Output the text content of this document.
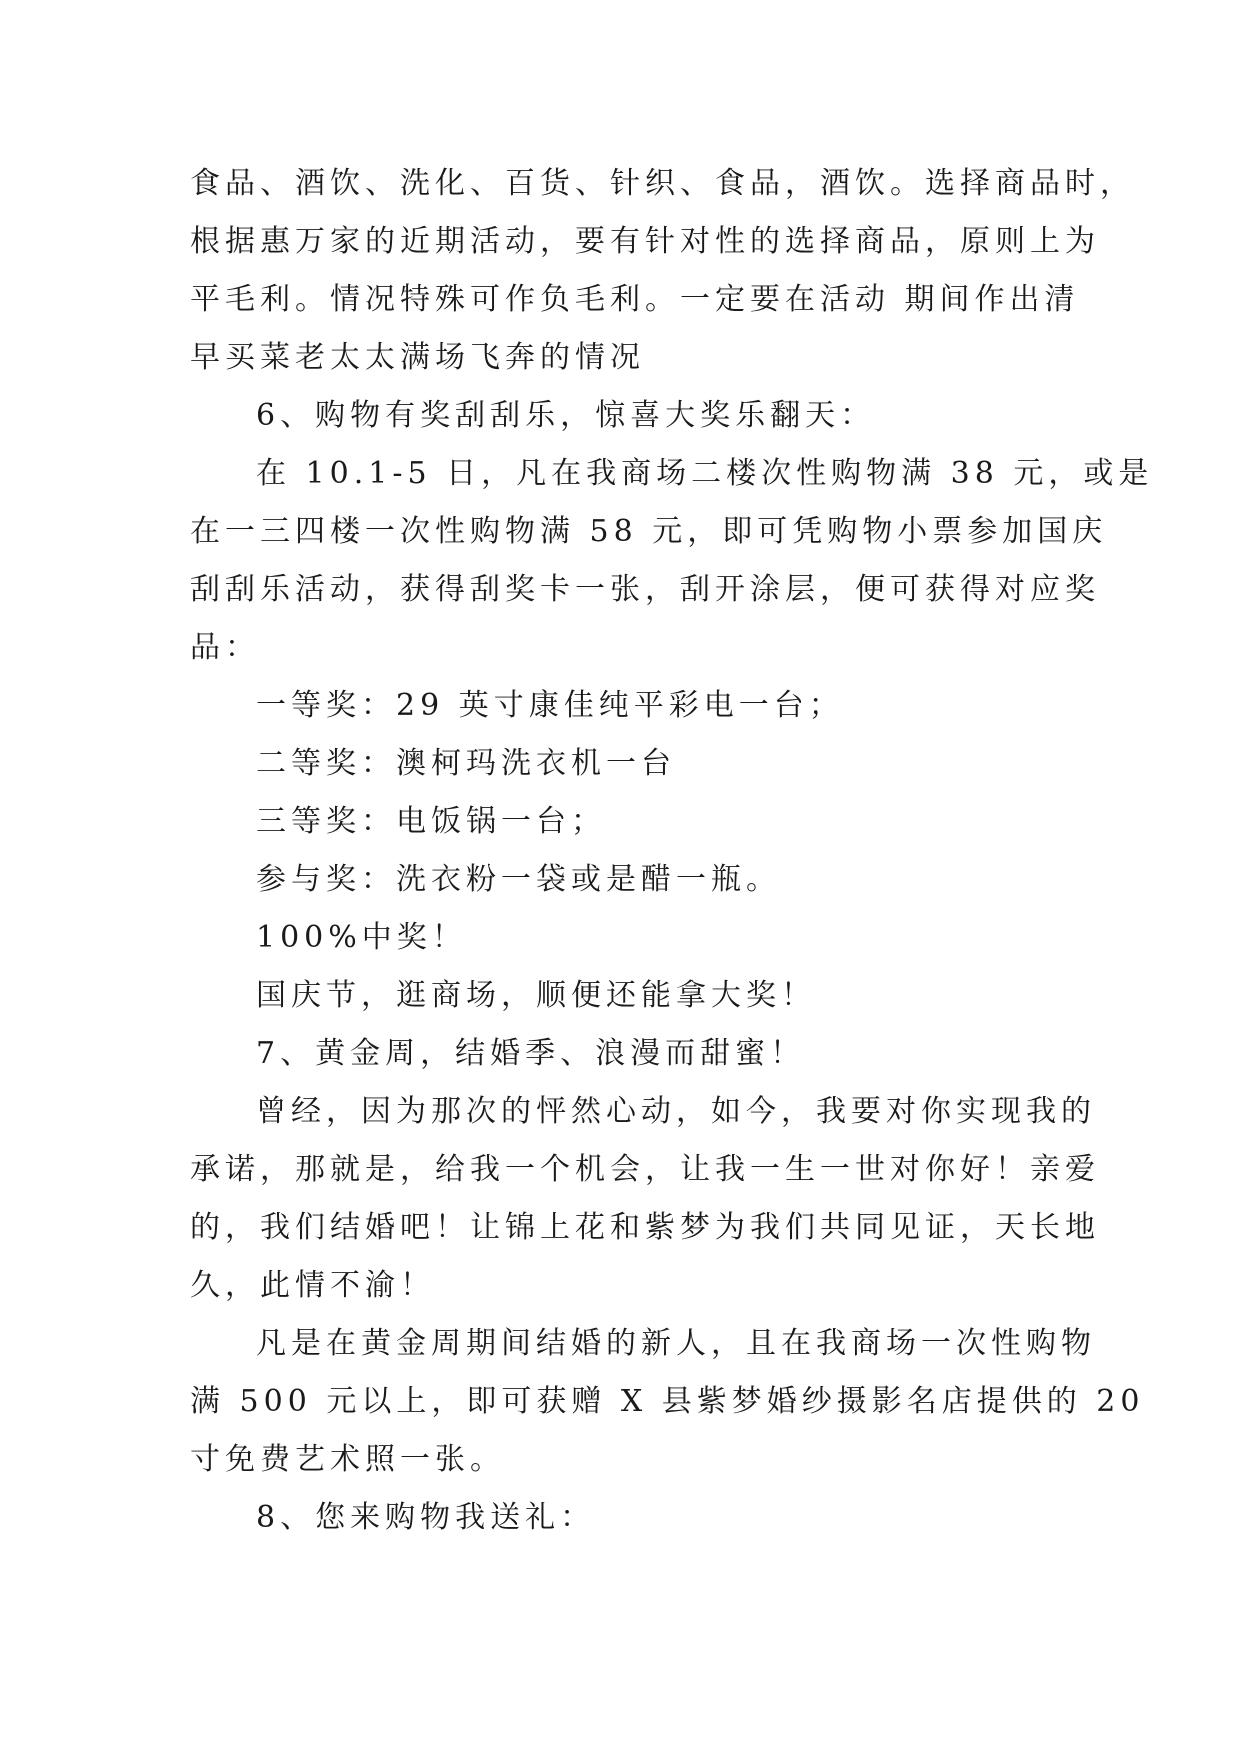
食品、酒饮、洗化、百货、针织、食品，酒饮。选择商品时，

根据惠万家的近期活动，要有针对性的选择商品，原则上为

平毛利。情况特殊可作负毛利。一定要在活动 期间作出清

早买菜老太太满场飞奔的情况

6、购物有奖刮刮乐，惊喜大奖乐翻天：

在 10.1-5 日，凡在我商场二楼次性购物满 38 元，或是

在一三四楼一次性购物满 58 元，即可凭购物小票参加国庆

刮刮乐活动，获得刮奖卡一张，刮开涂层，便可获得对应奖

品：

一等奖：29 英寸康佳纯平彩电一台；

二等奖：澳柯玛洗衣机一台

三等奖：电饭锅一台；

参与奖：洗衣粉一袋或是醋一瓶。

100%中奖！

国庆节，逛商场，顺便还能拿大奖！

7、黄金周，结婚季、浪漫而甜蜜！

曾经，因为那次的怦然心动，如今，我要对你实现我的

承诺，那就是，给我一个机会，让我一生一世对你好！亲爱

的，我们结婚吧！让锦上花和紫梦为我们共同见证，天长地

久，此情不渝！

凡是在黄金周期间结婚的新人，且在我商场一次性购物

满 500 元以上，即可获赠 X 县紫梦婚纱摄影名店提供的 20

寸免费艺术照一张。

8、您来购物我送礼：
